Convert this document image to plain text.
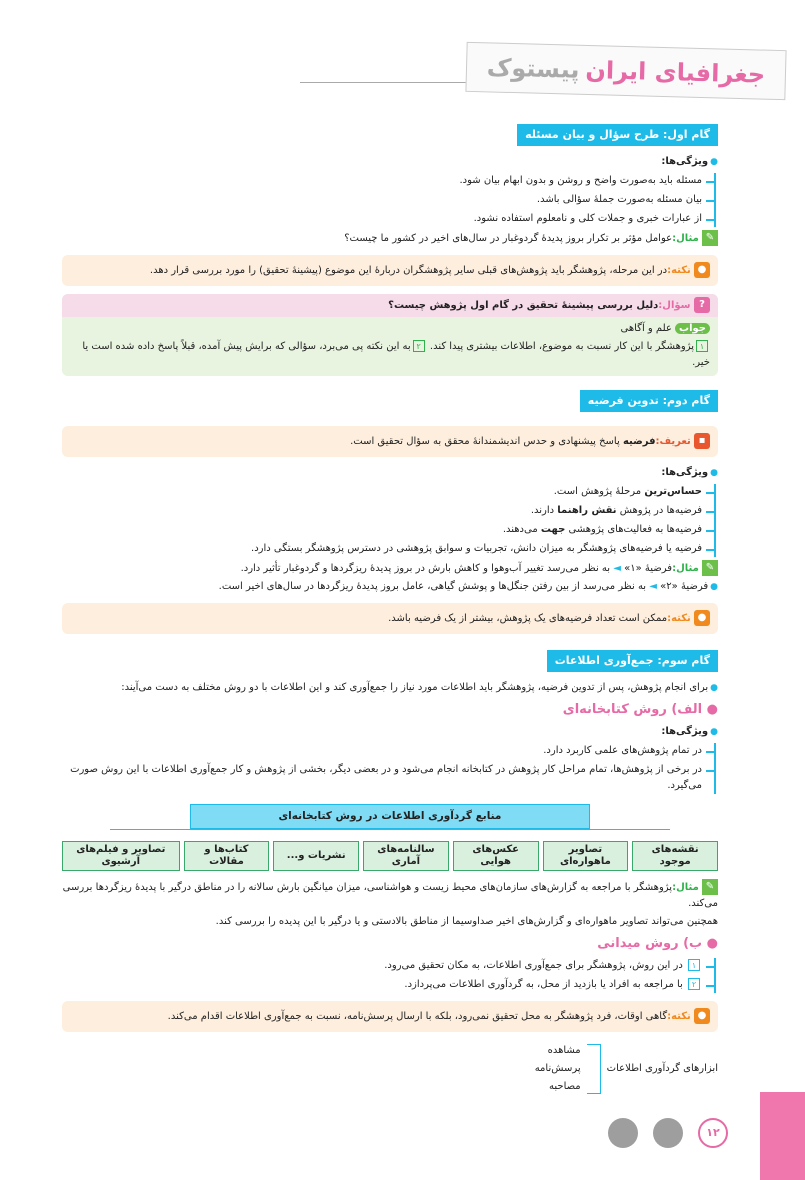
جغرافیای ایران
پیستوک
گام اول: طرح سؤال و بیان مسئله
● ویژگی‌ها:
مسئله باید به‌صورت واضح و روشن و بدون ابهام بیان شود.
بیان مسئله به‌صورت جملهٔ سؤالی باشد.
از عبارات خبری و جملات کلی و نامعلوم استفاده نشود.
✎ مثال:عوامل مؤثر بر تکرار بروز پدیدهٔ گردوغبار در سال‌های اخیر در کشور ما چیست؟
● نکته:در این مرحله، پژوهشگر باید پژوهش‌های قبلی سایر پژوهشگران دربارهٔ این موضوع (پیشینهٔ تحقیق) را مورد بررسی قرار دهد.
? سؤال:دلیل بررسی پیشینهٔ تحقیق در گام اول پژوهش چیست؟
جواب علم و آگاهی
۱پژوهشگر با این کار نسبت به موضوع، اطلاعات بیشتری پیدا کند. ۲به این نکته پی می‌برد، سؤالی که برایش پیش آمده، قبلاً پاسخ داده شده است یا خیر.
گام دوم: تدوین فرضیه
▪ تعریف:فرضیه پاسخ پیشنهادی و حدس اندیشمندانهٔ محقق به سؤال تحقیق است.
● ویژگی‌ها:
حساس‌ترین مرحلهٔ پژوهش است.
فرضیه‌ها در پژوهش نقش راهنما دارند.
فرضیه‌ها به فعالیت‌های پژوهشی جهت می‌دهند.
فرضیه یا فرضیه‌های پژوهشگر به میزان دانش، تجربیات و سوابق پژوهشی در دسترس پژوهشگر بستگی دارد.
✎ مثال:فرضیهٔ «۱» ◄ به نظر می‌رسد تغییر آب‌وهوا و کاهش بارش در بروز پدیدهٔ ریزگردها و گردوغبار تأثیر دارد.
● فرضیهٔ «۲» ◄ به نظر می‌رسد از بین رفتن جنگل‌ها و پوشش گیاهی، عامل بروز پدیدهٔ ریزگردها در سال‌های اخیر است.
● نکته:ممکن است تعداد فرضیه‌های یک پژوهش، بیشتر از یک فرضیه باشد.
گام سوم: جمع‌آوری اطلاعات
● برای انجام پژوهش، پس از تدوین فرضیه، پژوهشگر باید اطلاعات مورد نیاز را جمع‌آوری کند و این اطلاعات با دو روش مختلف به دست می‌آیند:
● الف) روش کتابخانه‌ای
● ویژگی‌ها:
در تمام پژوهش‌های علمی کاربرد دارد.
در برخی از پژوهش‌ها، تمام مراحل کار پژوهش در کتابخانه انجام می‌شود و در بعضی دیگر، بخشی از پژوهش و کار جمع‌آوری اطلاعات با این روش صورت می‌گیرد.
منابع گردآوری اطلاعات در روش کتابخانه‌ای
نقشه‌های موجود
تصاویر ماهواره‌ای
عکس‌های هوایی
سالنامه‌های آماری
نشریات و...
کتاب‌ها و مقالات
تصاویر و فیلم‌های آرشیوی
✎ مثال:پژوهشگر با مراجعه به گزارش‌های سازمان‌های محیط زیست و هواشناسی، میزان میانگین بارش سالانه را در مناطق درگیر با پدیدهٔ ریزگردها بررسی می‌کند.
همچنین می‌تواند تصاویر ماهواره‌ای و گزارش‌های اخیر صداوسیما از مناطق بالادستی و یا درگیر با این پدیده را بررسی کند.
● ب) روش میدانی
۱ در این روش، پژوهشگر برای جمع‌آوری اطلاعات، به مکان تحقیق می‌رود.
۲ با مراجعه به افراد یا بازدید از محل، به گردآوری اطلاعات می‌پردازد.
● نکته:گاهی اوقات، فرد پژوهشگر به محل تحقیق نمی‌رود، بلکه با ارسال پرسش‌نامه، نسبت به جمع‌آوری اطلاعات اقدام می‌کند.
ابزارهای گردآوری اطلاعات
مشاهده
پرسش‌نامه
مصاحبه
۱۲
